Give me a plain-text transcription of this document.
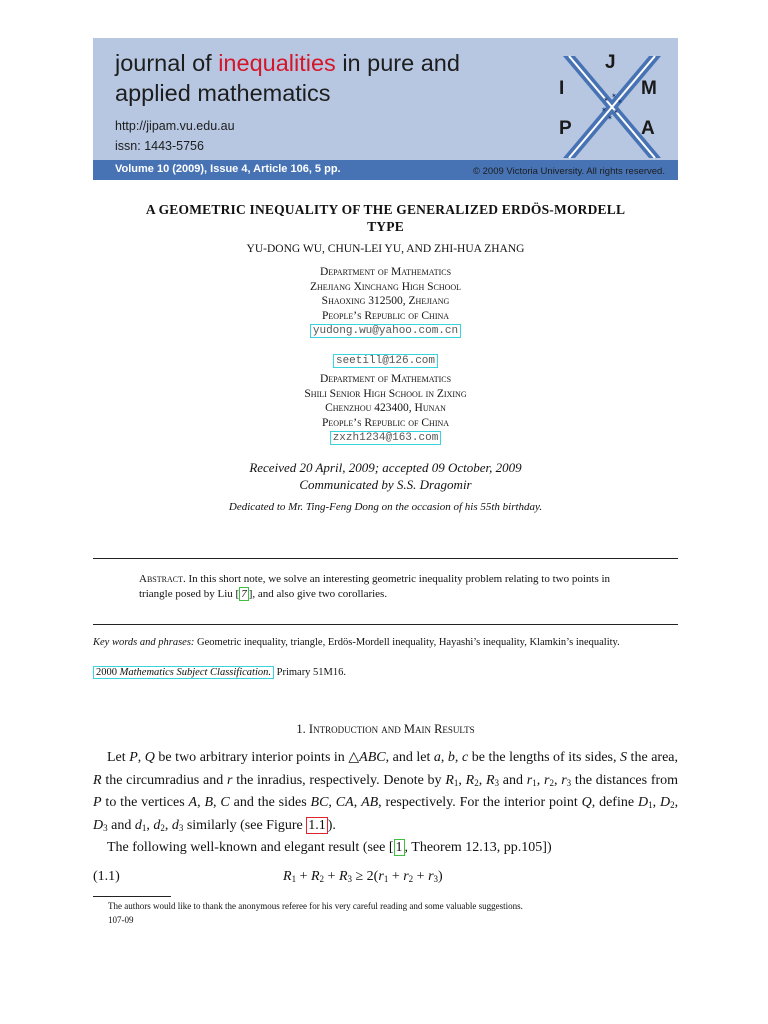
journal of inequalities in pure and
applied mathematics
http://jipam.vu.edu.au
issn: 1443-5756
Volume 10 (2009), Issue 4, Article 106, 5 pp.	© 2009 Victoria University. All rights reserved.
✶ ✶
✶
✶ ✶
✶
J
I	M
P	A
A GEOMETRIC INEQUALITY OF THE GENERALIZED ERDÖS-MORDELL
TYPE
YU-DONG WU, CHUN-LEI YU, AND ZHI-HUA ZHANG
Department of Mathematics
Zhejiang Xinchang High School
Shaoxing 312500, Zhejiang
People’s Republic of China
yudong.wu@yahoo.com.cn
seetill@126.com
Department of Mathematics
Shili Senior High School in Zixing
Chenzhou 423400, Hunan
People’s Republic of China
zxzh1234@163.com
Received 20 April, 2009; accepted 09 October, 2009
Communicated by S.S. Dragomir
Dedicated to Mr. Ting-Feng Dong on the occasion of his 55th birthday.
Abstract. In this short note, we solve an interesting geometric inequality problem relating to two points in triangle posed by Liu [ 7 ], and also give two corollaries.
Key words and phrases: Geometric inequality, triangle, Erdös-Mordell inequality, Hayashi’s inequality, Klamkin’s inequality.
2000 Mathematics Subject Classification. Primary 51M16.
1. Introduction and Main Results

Let P, Q be two arbitrary interior points in △ABC, and let a, b, c be the lengths of its sides, S the area, R the circumradius and r the inradius, respectively. Denote by $R_1$, $R_2$, $R_3$ and $r_1$, $r_2$, $r_3$ the distances from P to the vertices A, B, C and the sides BC, CA, AB, respectively. For the interior point Q, define $D_1$, $D_2$, $D_3$ and $d_1$, $d_2$, $d_3$ similarly (see Figure 1.1 ).

The following well-known and elegant result (see [ 1 , Theorem 12.13, pp.105])

(1.1)	$R_1 + R_2 + R_3 \ge 2(r_1 + r_2 + r_3)$
The authors would like to thank the anonymous referee for his very careful reading and some valuable suggestions.
107-09
